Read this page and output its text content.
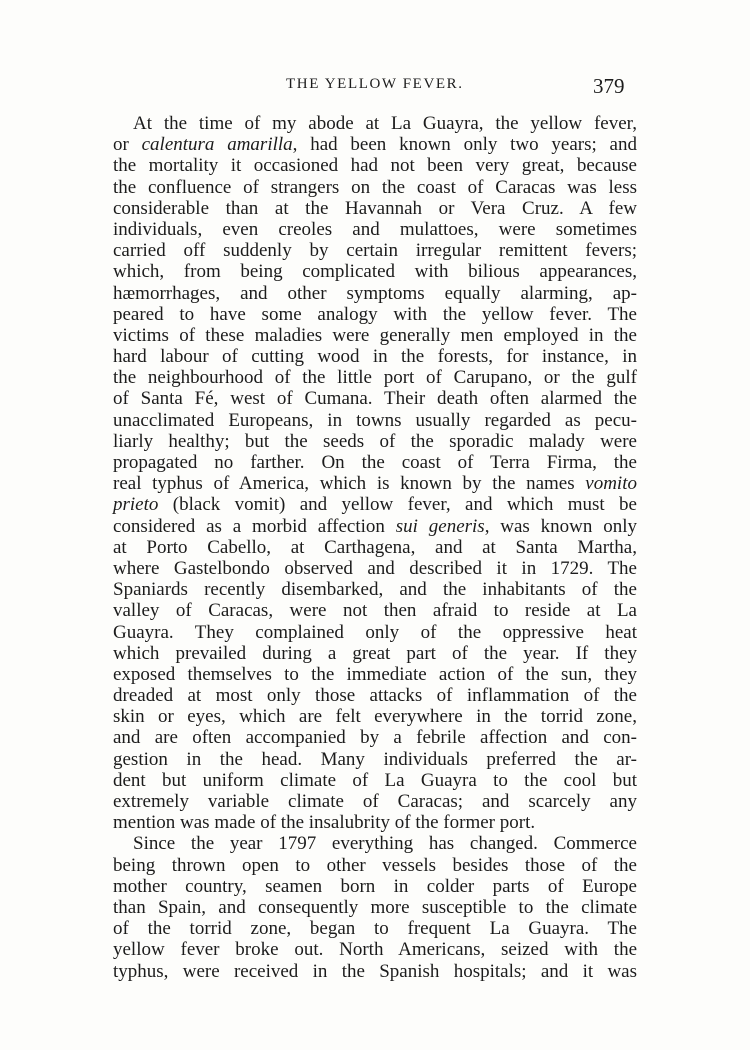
THE YELLOW FEVER.	379
At the time of my abode at La Guayra, the yellow fever,
or calentura amarilla, had been known only two years; and
the mortality it occasioned had not been very great, because
the confluence of strangers on the coast of Caracas was less
considerable than at the Havannah or Vera Cruz. A few
individuals, even creoles and mulattoes, were sometimes
carried off suddenly by certain irregular remittent fevers;
which, from being complicated with bilious appearances,
hæmorrhages, and other symptoms equally alarming, ap-
peared to have some analogy with the yellow fever. The
victims of these maladies were generally men employed in the
hard labour of cutting wood in the forests, for instance, in
the neighbourhood of the little port of Carupano, or the gulf
of Santa Fé, west of Cumana. Their death often alarmed the
unacclimated Europeans, in towns usually regarded as pecu-
liarly healthy; but the seeds of the sporadic malady were
propagated no farther. On the coast of Terra Firma, the
real typhus of America, which is known by the names vomito
prieto (black vomit) and yellow fever, and which must be
considered as a morbid affection sui generis, was known only
at Porto Cabello, at Carthagena, and at Santa Martha,
where Gastelbondo observed and described it in 1729. The
Spaniards recently disembarked, and the inhabitants of the
valley of Caracas, were not then afraid to reside at La
Guayra. They complained only of the oppressive heat
which prevailed during a great part of the year. If they
exposed themselves to the immediate action of the sun, they
dreaded at most only those attacks of inflammation of the
skin or eyes, which are felt everywhere in the torrid zone,
and are often accompanied by a febrile affection and con-
gestion in the head. Many individuals preferred the ar-
dent but uniform climate of La Guayra to the cool but
extremely variable climate of Caracas; and scarcely any
mention was made of the insalubrity of the former port.
Since the year 1797 everything has changed. Commerce
being thrown open to other vessels besides those of the
mother country, seamen born in colder parts of Europe
than Spain, and consequently more susceptible to the climate
of the torrid zone, began to frequent La Guayra. The
yellow fever broke out. North Americans, seized with the
typhus, were received in the Spanish hospitals; and it was
